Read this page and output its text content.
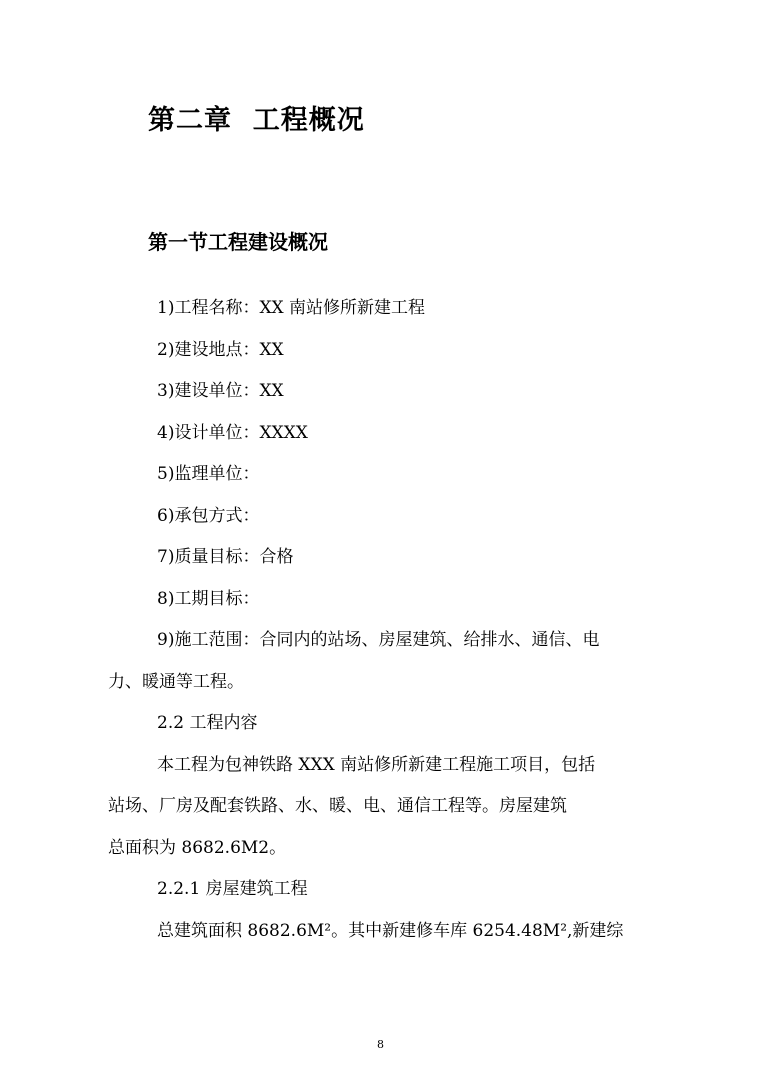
第二章  工程概况
第一节工程建设概况
1)工程名称：XX 南站修所新建工程
2)建设地点：XX
3)建设单位：XX
4)设计单位：XXXX
5)监理单位：
6)承包方式：
7)质量目标：合格
8)工期目标：
9)施工范围：合同内的站场、房屋建筑、给排水、通信、电
力、暖通等工程。
2.2 工程内容
本工程为包神铁路 XXX 南站修所新建工程施工项目，包括
站场、厂房及配套铁路、水、暖、电、通信工程等。房屋建筑
总面积为 8682.6M2。
2.2.1 房屋建筑工程
总建筑面积 8682.6M²。其中新建修车库 6254.48M²,新建综
8
